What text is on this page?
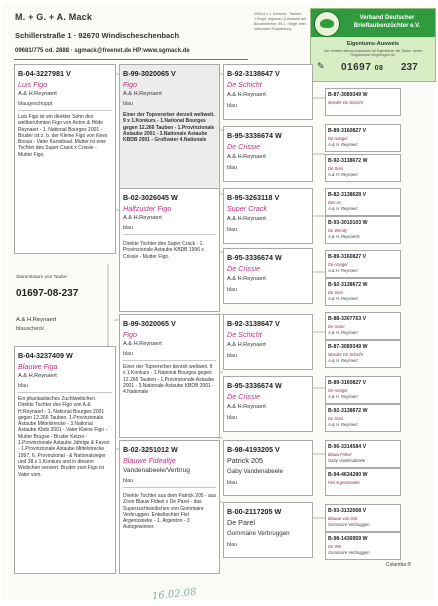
M. + G. + A. Mack
Schillerstraße 1 · 92670 Windischeschenbach
09681/775 od. 2888 · sgmack@freenet.de HP:www.sgmack.de
2006-6 x 1. Konkurs · Tauben-1.RegV- regional-13.Astaube auf Bundesebene: 99-1. Sieger Inter- nationalen Flugwertung
Verband Deutscher Brieftaubenzüchter e.V.
Eigentums-Ausweis
Der Inhaber dieses Ausweises ist Eigentümer der Taube, deren Ringnummer eingetragen ist.
✎	01697 08 237
B-04-3227981 V
Luis Figo
A.& H.Reynaert
blaugeschuppt
Luis Figo ist ein direkter Sohn des weltberühmten Figo von Anton & Hilde Reynaert - 1. National Bourges 2001 - Bruder ist z. b. der Kleine Figo von Kees Bosua - Vater Kannibaal. Mutter ist eine Tochter des Super Crack x Crissie - Mutter Figo.
Stammbaum von Taube:
01697-08-237
A.& H.Reynaert
blauscheck
B-04-3237409 W
Blauwe Figa
A.& H.Reynaert
blau
Ein phantastisches Zuchtweibchen. Direkte Tochter des Figo von A.& H.Reynaert - 1. National Bourges 2001 gegen 12.266 Tauben. 1.Provinzionale Astaube Mittelstrecke - 3.National Astaube Kbds 2001 - Vater Kleine Figo - Mutter Brugse - Bruder Keizer - 1.Provinzionale Astaube Jährige & Favori - 1.Provinzionale Astaube Mittelstrecke 1997, 6. Provinzional - & Nationalsieger und 38.x 1.Konkurs und in diesem Weibchen versiert. Bruder zum Figo ist Vater vom.
B-99-3020065 V
Figo
A.& H.Reynaert
blau
Einer der Topvererber derzeit weltweit. 9 x 1.Konkurs - 1.National Bourges gegen 12.266 Tauben - 1.Provinzionale Astaube 2001 - 3.Nationale Astaube KBDB 2001 - Großvater 4.Nationale
B-02-3026045 W
Halfzuster Figo
A.& H.Reynaert
blau
Direkte Tochter des Super Crack - 1. Provinzionale Astaube KBDB 1996 x Crissie - Mutter Figo.
B-99-3020065 V
Figo
A.& H.Reynaert
blau
Einer der Topvererber derzeit weltweit. 9 x 1.Konkurs - 1.National Bourges gegen 12.266 Tauben - 1.Provinzionale Astaube 2001 - 3.Nationale Astaube KBDB 2001 - 4.Nationale
B-02-3251012 W
Blauwe Fidealtje
Vandenabeele/Verbrug
blau
Direkte Tochter aus dem Patrick 205 - aus Zoon Blauw Fideel x De Parel - das Superzuchtweibchen von Gommaire Verbruggen. Enkeltochter Fiel Argentonieke - 1. Argenton - 3 Autogewinner.
B-92-3138647 V
De Schicht
A.& H.Reynaert
blau
B-95-3336674 W
De Crissie
A.& H.Reynaert
blau
B-95-3263118 V
Super Crack
A.& H.Reynaert
blau
B-95-3336674 W
De Crissie
A.& H.Reynaert
blau
B-92-3138647 V
De Schicht
A.& H.Reynaert
blau
B-95-3336674 W
De Crissie
A.& H.Reynaert
blau
B-98-4193205 V
Patrick 205
Gaby Vandenabeele
blau
B-00-2117205 W
De Parel
Gommaire Verbruggen
blau
B-87-3089349 W
Moeder De Schicht
B-89-3160827 V
De Hangel
A.& H. Reynaert
B-92-3138672 W
De Sissi
A.& H. Reynaert
B-82-3138628 V
Den Ac
A.& H. Reynaert
B-93-3010103 W
De Wendy
A.& H. Reynaerts
B-89-3160827 V
De Hangel
A.& H. Reynaert
B-92-3138672 W
De Sissi
A.& H. Reynaert
B-88-3307763 V
De Goeri
A.& H. Reynaert
B-87-3089349 W
Moeder De Schicht
A.& H. Reynaert
B-89-3160827 V
De Hangel
A.& H. Reynaert
B-92-3138672 W
De Sissi
A.& H. Reynaert
B-96-3314584 V
Blauw Fideel
Gaby Vandenabeele
B-94-4634280 W
Fiel Argentonieke
B-93-3132068 V
Blauwe van 026
Gommaire Verbruggen
B-98-1436959 W
De 959
Gommaire Verbruggen
Columba ®
16.02.08
